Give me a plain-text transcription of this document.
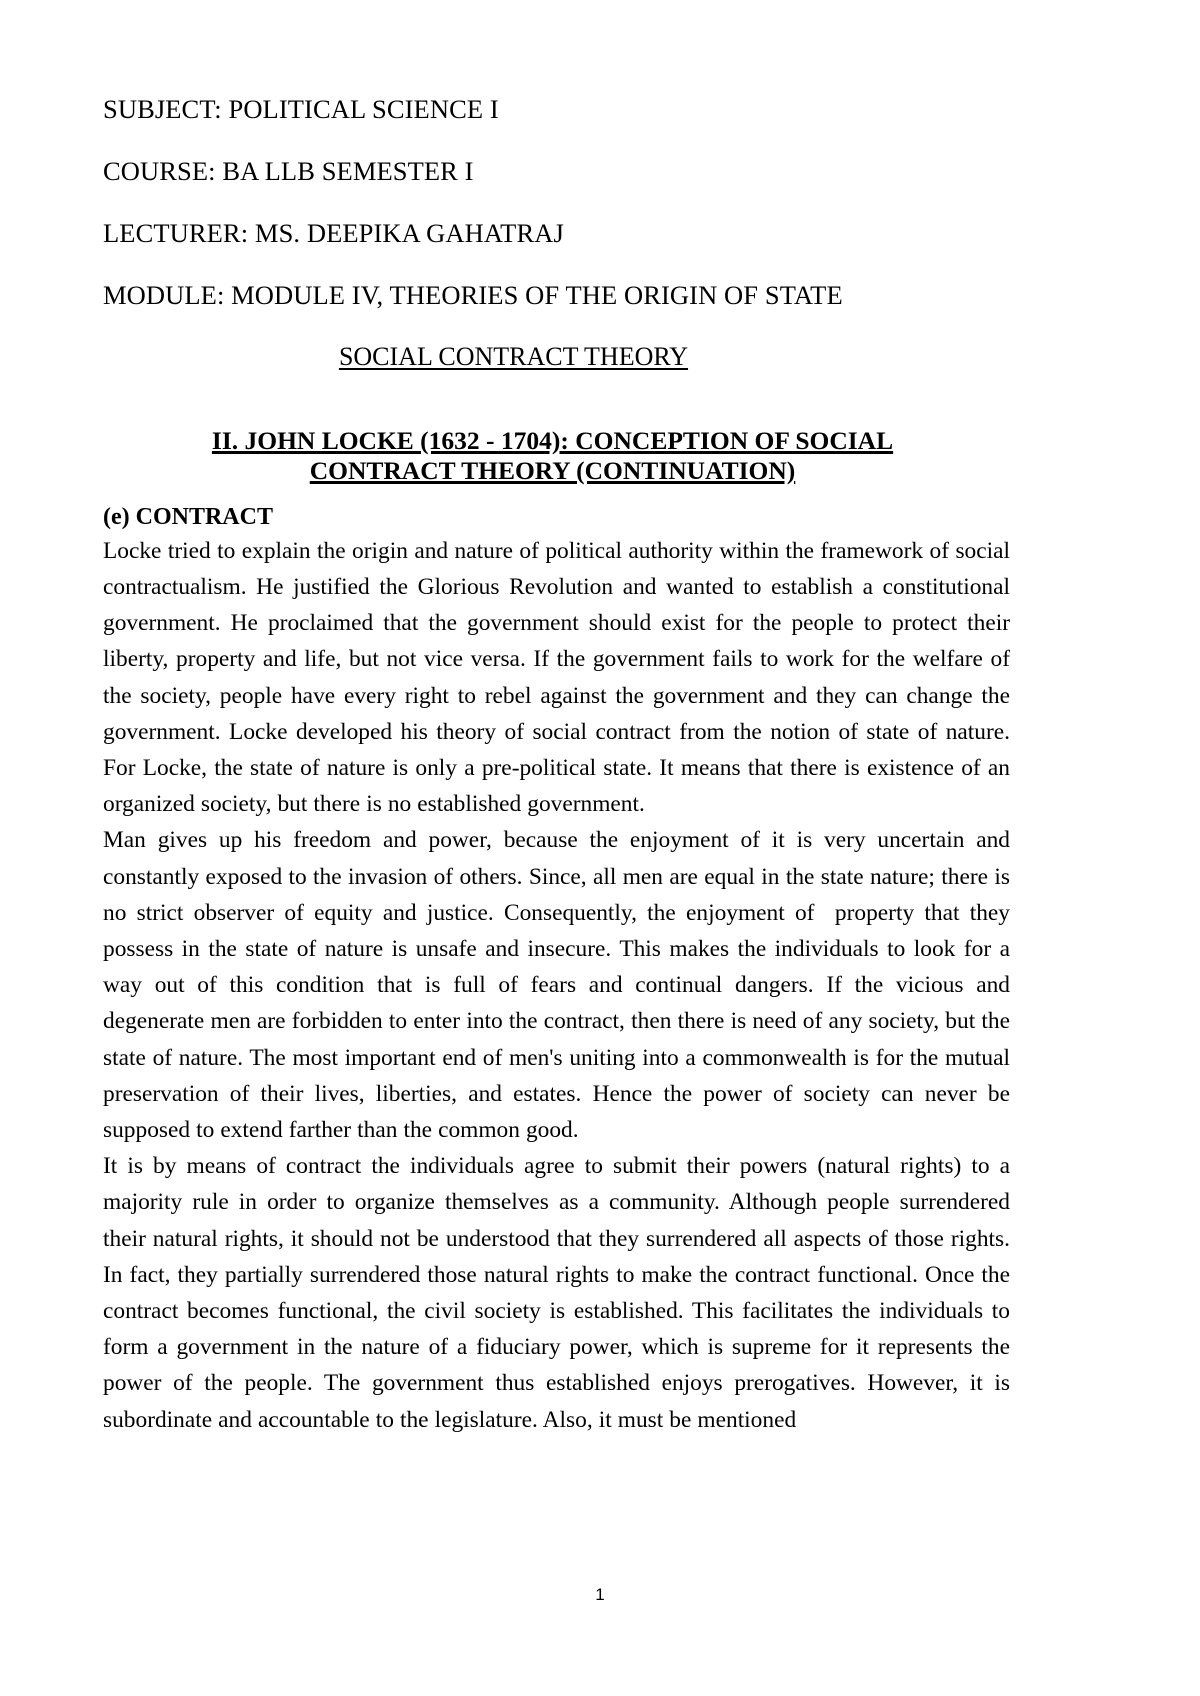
SUBJECT: POLITICAL SCIENCE I
COURSE: BA LLB SEMESTER I
LECTURER: MS. DEEPIKA GAHATRAJ
MODULE: MODULE IV, THEORIES OF THE ORIGIN OF STATE
SOCIAL CONTRACT THEORY
II. JOHN LOCKE (1632 - 1704): CONCEPTION OF SOCIAL
CONTRACT THEORY (CONTINUATION)
(e) CONTRACT

Locke tried to explain the origin and nature of political authority within the framework of social contractualism. He justified the Glorious Revolution and wanted to establish a constitutional government. He proclaimed that the government should exist for the people to protect their liberty, property and life, but not vice versa. If the government fails to work for the welfare of the society, people have every right to rebel against the government and they can change the government. Locke developed his theory of social contract from the notion of state of nature. For Locke, the state of nature is only a pre-political state. It means that there is existence of an organized society, but there is no established government.

Man gives up his freedom and power, because the enjoyment of it is very uncertain and constantly exposed to the invasion of others. Since, all men are equal in the state nature; there is no strict observer of equity and justice. Consequently, the enjoyment of  property that they possess in the state of nature is unsafe and insecure. This makes the individuals to look for a way out of this condition that is full of fears and continual dangers. If the vicious and degenerate men are forbidden to enter into the contract, then there is need of any society, but the state of nature. The most important end of men's uniting into a commonwealth is for the mutual preservation of their lives, liberties, and estates. Hence the power of society can never be supposed to extend farther than the common good.

It is by means of contract the individuals agree to submit their powers (natural rights) to a majority rule in order to organize themselves as a community. Although people surrendered their natural rights, it should not be understood that they surrendered all aspects of those rights. In fact, they partially surrendered those natural rights to make the contract functional. Once the contract becomes functional, the civil society is established. This facilitates the individuals to form a government in the nature of a fiduciary power, which is supreme for it represents the power of the people. The government thus established enjoys prerogatives. However, it is subordinate and accountable to the legislature. Also, it must be mentioned

1
